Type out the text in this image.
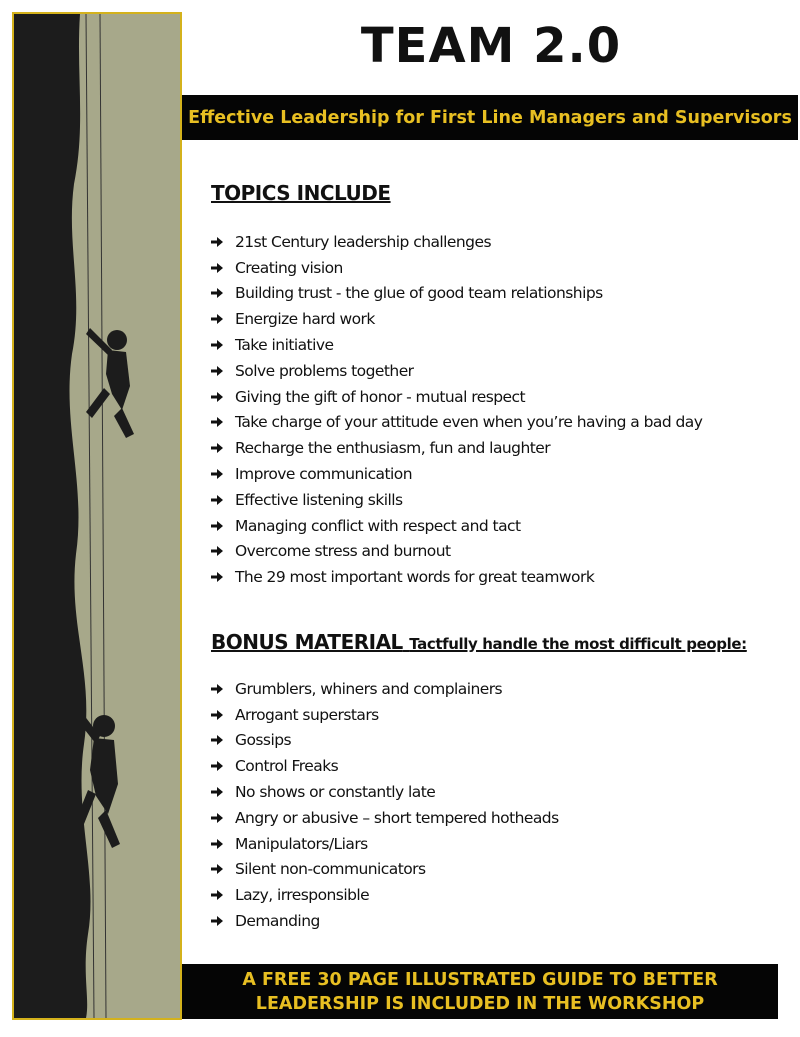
TEAM 2.0
Effective Leadership for First Line Managers and Supervisors
TOPICS INCLUDE
21st Century leadership challenges
Creating vision
Building trust - the glue of good team relationships
Energize hard work
Take initiative
Solve problems together
Giving the gift of honor - mutual respect
Take charge of your attitude even when you’re having a bad day
Recharge the enthusiasm, fun and laughter
Improve communication
Effective listening skills
Managing conflict with respect and tact
Overcome stress and burnout
The 29 most important words for great teamwork
BONUS MATERIAL Tactfully handle the most difficult people:
Grumblers, whiners and complainers
Arrogant superstars
Gossips
Control Freaks
No shows or constantly late
Angry or abusive – short tempered hotheads
Manipulators/Liars
Silent non-communicators
Lazy, irresponsible
Demanding
A FREE 30 PAGE ILLUSTRATED GUIDE TO BETTER
LEADERSHIP IS INCLUDED IN THE WORKSHOP
